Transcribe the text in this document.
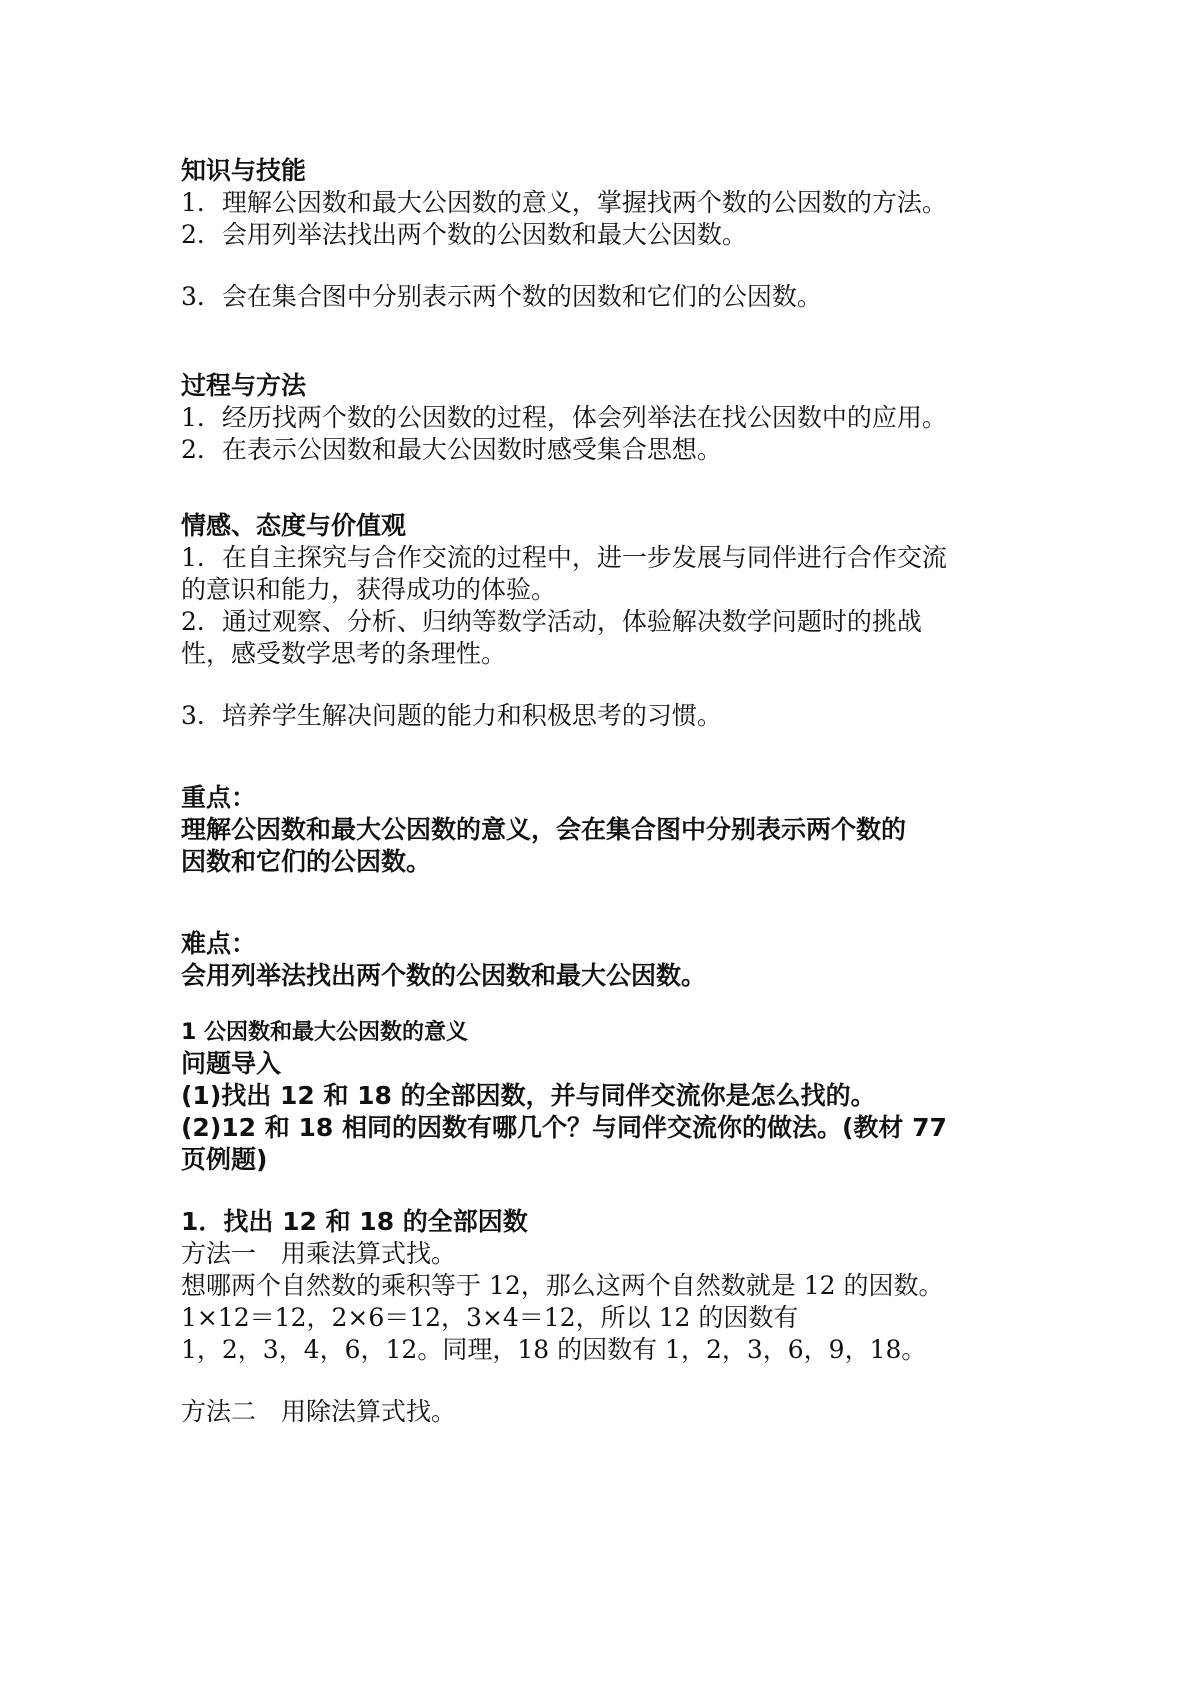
知识与技能

1．理解公因数和最大公因数的意义，掌握找两个数的公因数的方法。

2．会用列举法找出两个数的公因数和最大公因数。

3．会在集合图中分别表示两个数的因数和它们的公因数。

过程与方法

1．经历找两个数的公因数的过程，体会列举法在找公因数中的应用。

2．在表示公因数和最大公因数时感受集合思想。

情感、态度与价值观

1．在自主探究与合作交流的过程中，进一步发展与同伴进行合作交流

的意识和能力，获得成功的体验。

2．通过观察、分析、归纳等数学活动，体验解决数学问题时的挑战

性，感受数学思考的条理性。

3．培养学生解决问题的能力和积极思考的习惯。

重点：

理解公因数和最大公因数的意义，会在集合图中分别表示两个数的

因数和它们的公因数。

难点：

会用列举法找出两个数的公因数和最大公因数。

1 公因数和最大公因数的意义

问题导入

(1)找出 12 和 18 的全部因数，并与同伴交流你是怎么找的。

(2)12 和 18 相同的因数有哪几个？与同伴交流你的做法。(教材 77

页例题)

1．找出 12 和 18 的全部因数

方法一　用乘法算式找。

想哪两个自然数的乘积等于 12，那么这两个自然数就是 12 的因数。

1×12＝12，2×6＝12，3×4＝12，所以 12 的因数有

1，2，3，4，6，12。同理，18 的因数有 1，2，3，6，9，18。

方法二　用除法算式找。
